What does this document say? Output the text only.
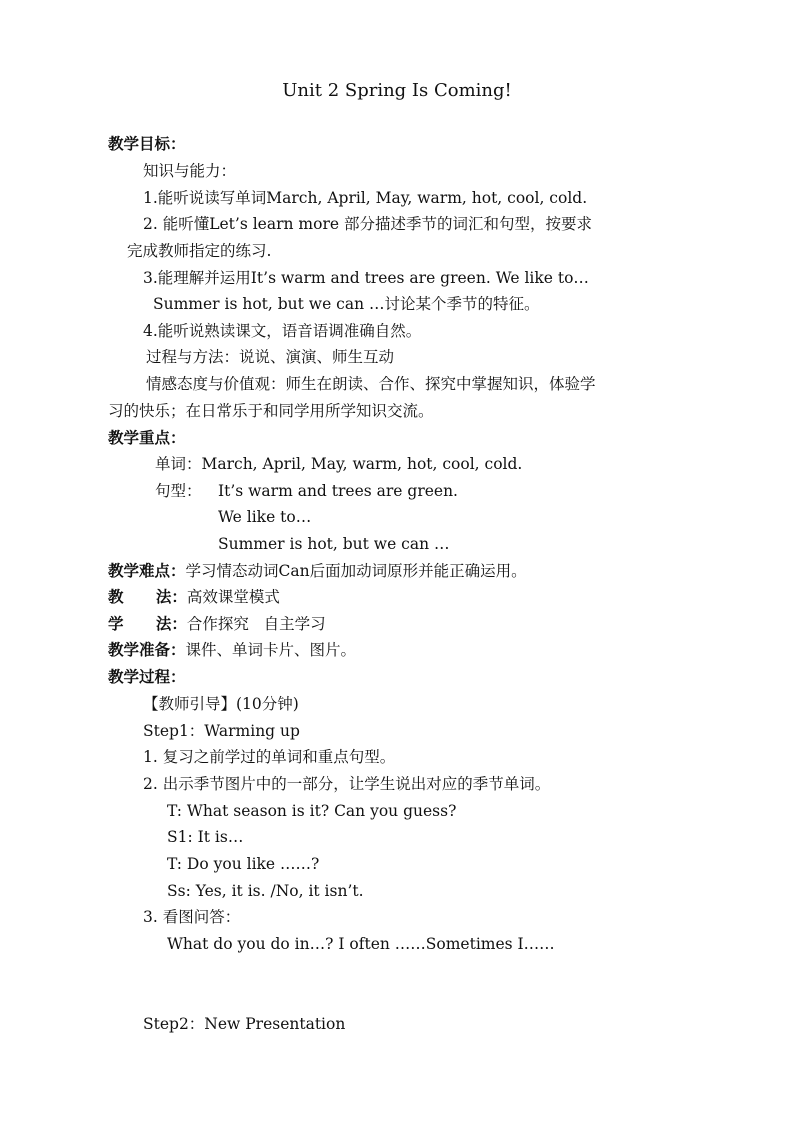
Unit 2 Spring Is Coming!
教学目标：
知识与能力：
1.能听说读写单词March, April, May, warm, hot, cool, cold.
2. 能听懂Let’s learn more 部分描述季节的词汇和句型，按要求
完成教师指定的练习.
3.能理解并运用It’s warm and trees are green. We like to…
Summer is hot, but we can …讨论某个季节的特征。
4.能听说熟读课文，语音语调准确自然。
过程与方法：说说、演演、师生互动
情感态度与价值观：师生在朗读、合作、探究中掌握知识，体验学
习的快乐；在日常乐于和同学用所学知识交流。
教学重点：
单词：March, April, May, warm, hot, cool, cold.
句型： It’s warm and trees are green.
We like to…
Summer is hot, but we can …
教学难点：学习情态动词Can后面加动词原形并能正确运用。
教      法：高效课堂模式
学      法：合作探究   自主学习
教学准备：课件、单词卡片、图片。
教学过程：
【教师引导】(10分钟)
Step1：Warming up
1. 复习之前学过的单词和重点句型。
2. 出示季节图片中的一部分，让学生说出对应的季节单词。
T: What season is it? Can you guess?
S1: It is…
T: Do you like ……?
Ss: Yes, it is. /No, it isn’t.
3. 看图问答：
What do you do in…? I often ……Sometimes I……
Step2：New Presentation
